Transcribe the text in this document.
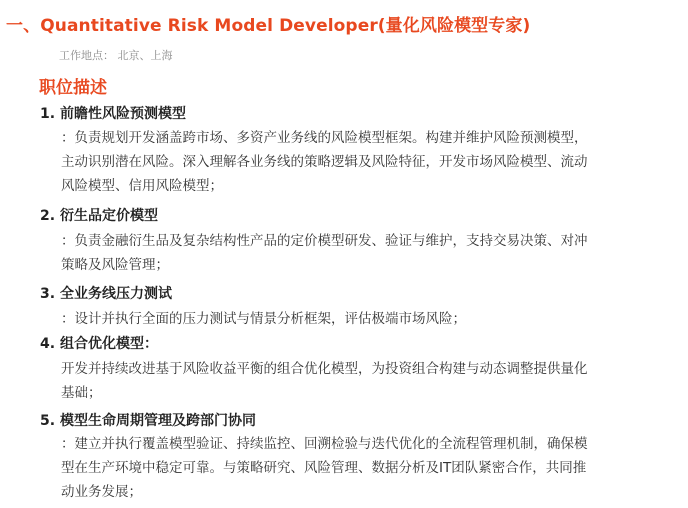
一、Quantitative Risk Model Developer(量化风险模型专家)
工作地点： 北京、上海
职位描述
1. 前瞻性风险预测模型
：负责规划开发涵盖跨市场、多资产业务线的风险模型框架。构建并维护风险预测模型，
主动识别潜在风险。深入理解各业务线的策略逻辑及风险特征，开发市场风险模型、流动
风险模型、信用风险模型；
2. 衍生品定价模型
：负责金融衍生品及复杂结构性产品的定价模型研发、验证与维护，支持交易决策、对冲
策略及风险管理；
3. 全业务线压力测试
：设计并执行全面的压力测试与情景分析框架，评估极端市场风险；
4. 组合优化模型：
开发并持续改进基于风险收益平衡的组合优化模型，为投资组合构建与动态调整提供量化
基础；
5. 模型生命周期管理及跨部门协同
：建立并执行覆盖模型验证、持续监控、回溯检验与迭代优化的全流程管理机制，确保模
型在生产环境中稳定可靠。与策略研究、风险管理、数据分析及IT团队紧密合作，共同推
动业务发展；
